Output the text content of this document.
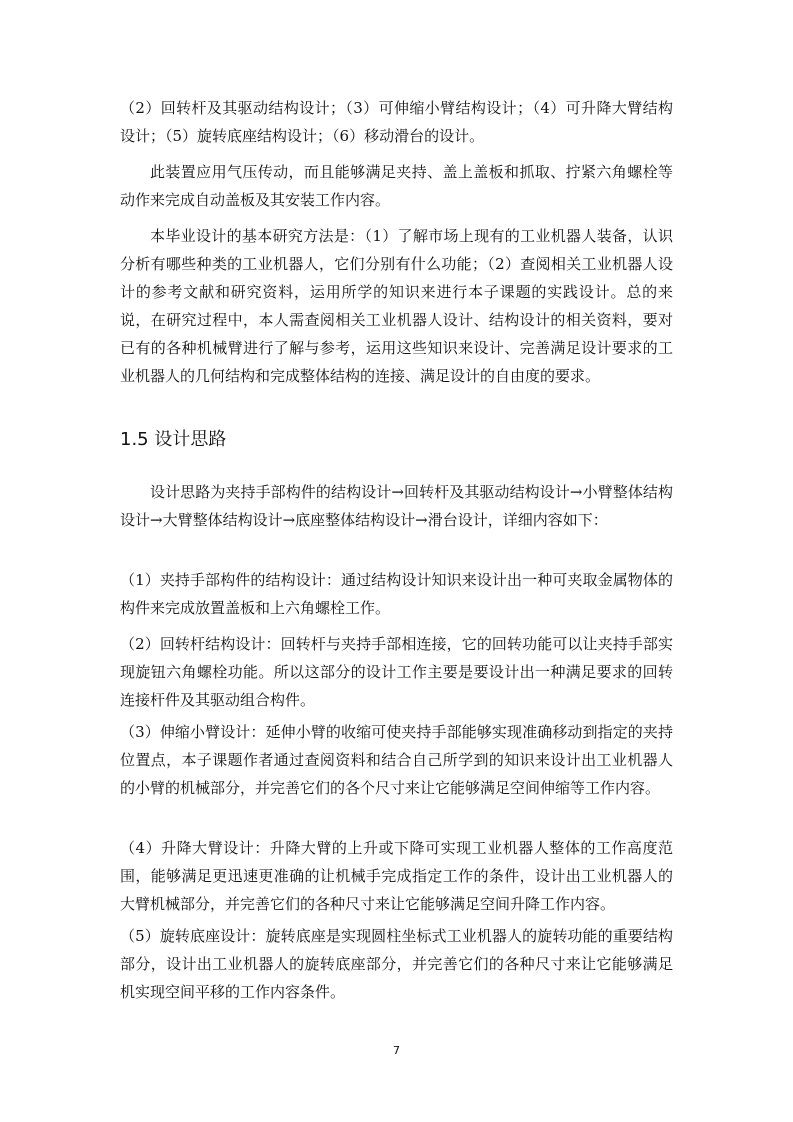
（2）回转杆及其驱动结构设计；（3）可伸缩小臂结构设计；（4）可升降大臂结构设计；（5）旋转底座结构设计；（6）移动滑台的设计。

此装置应用气压传动，而且能够满足夹持、盖上盖板和抓取、拧紧六角螺栓等动作来完成自动盖板及其安装工作内容。

本毕业设计的基本研究方法是：（1）了解市场上现有的工业机器人装备，认识分析有哪些种类的工业机器人，它们分别有什么功能；（2）查阅相关工业机器人设计的参考文献和研究资料，运用所学的知识来进行本子课题的实践设计。总的来说，在研究过程中，本人需查阅相关工业机器人设计、结构设计的相关资料，要对已有的各种机械臂进行了解与参考，运用这些知识来设计、完善满足设计要求的工业机器人的几何结构和完成整体结构的连接、满足设计的自由度的要求。

1.5 设计思路

设计思路为夹持手部构件的结构设计→回转杆及其驱动结构设计→小臂整体结构设计→大臂整体结构设计→底座整体结构设计→滑台设计，详细内容如下：

（1）夹持手部构件的结构设计：通过结构设计知识来设计出一种可夹取金属物体的构件来完成放置盖板和上六角螺栓工作。

（2）回转杆结构设计：回转杆与夹持手部相连接，它的回转功能可以让夹持手部实现旋钮六角螺栓功能。所以这部分的设计工作主要是要设计出一种满足要求的回转连接杆件及其驱动组合构件。

（3）伸缩小臂设计：延伸小臂的收缩可使夹持手部能够实现准确移动到指定的夹持位置点，本子课题作者通过查阅资料和结合自己所学到的知识来设计出工业机器人的小臂的机械部分，并完善它们的各个尺寸来让它能够满足空间伸缩等工作内容。

（4）升降大臂设计：升降大臂的上升或下降可实现工业机器人整体的工作高度范围，能够满足更迅速更准确的让机械手完成指定工作的条件，设计出工业机器人的大臂机械部分，并完善它们的各种尺寸来让它能够满足空间升降工作内容。

（5）旋转底座设计：旋转底座是实现圆柱坐标式工业机器人的旋转功能的重要结构部分，设计出工业机器人的旋转底座部分，并完善它们的各种尺寸来让它能够满足机实现空间平移的工作内容条件。

7
